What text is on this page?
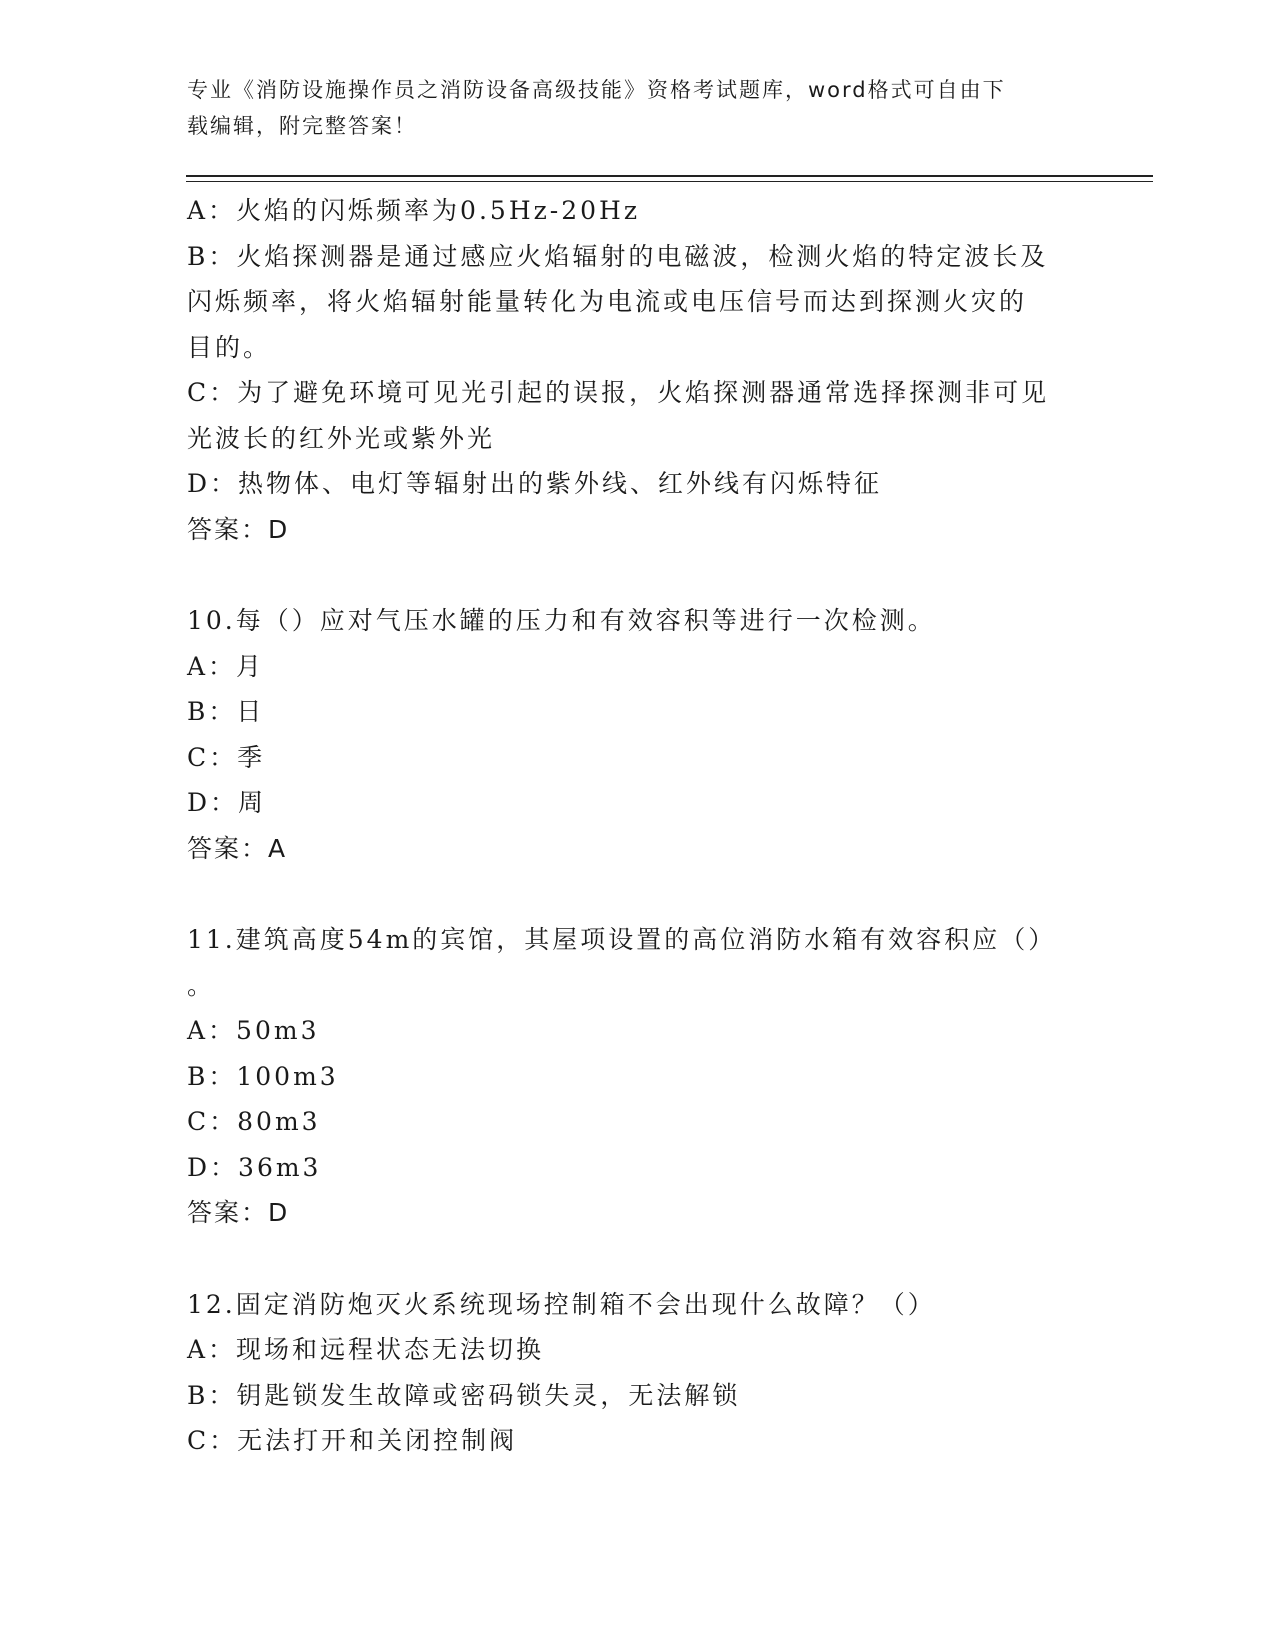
专业《消防设施操作员之消防设备高级技能》资格考试题库，word格式可自由下
载编辑，附完整答案！
A：火焰的闪烁频率为0.5Hz-20Hz
B：火焰探测器是通过感应火焰辐射的电磁波，检测火焰的特定波长及
闪烁频率，将火焰辐射能量转化为电流或电压信号而达到探测火灾的
目的。
C：为了避免环境可见光引起的误报，火焰探测器通常选择探测非可见
光波长的红外光或紫外光
D：热物体、电灯等辐射出的紫外线、红外线有闪烁特征
答案：D
10.每（）应对气压水罐的压力和有效容积等进行一次检测。
A：月
B：日
C：季
D：周
答案：A
11.建筑高度54m的宾馆，其屋项设置的高位消防水箱有效容积应（）
。
A：50m3
B：100m3
C：80m3
D：36m3
答案：D
12.固定消防炮灭火系统现场控制箱不会出现什么故障？（）
A：现场和远程状态无法切换
B：钥匙锁发生故障或密码锁失灵，无法解锁
C：无法打开和关闭控制阀
